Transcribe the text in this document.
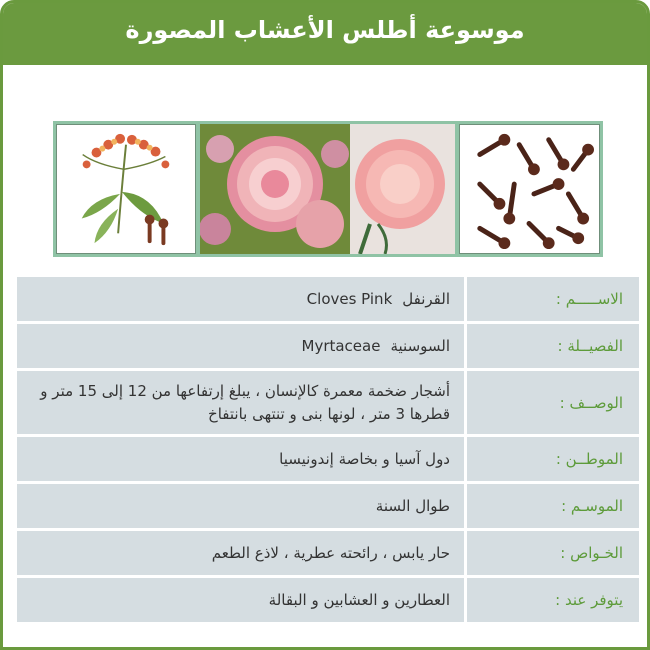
موسوعة أطلس الأعشاب المصورة
الاســـــم :
القرنفل
Cloves Pink
الفصيــلة :
السوسنية
Myrtaceae
الوصــف :
أشجار ضخمة معمرة كالإنسان ، يبلغ إرتفاعها من 12 إلى 15 متر و قطرها 3 متر ، لونها بنى و تنتهى بانتفاخ
الموطــن :
دول آسيا و بخاصة إندونيسيا
الموسـم :
طوال السنة
الخـواص :
حار يابس ، رائحته عطرية ، لاذع الطعم
يتوفر عند :
العطارين و العشابين و البقالة
